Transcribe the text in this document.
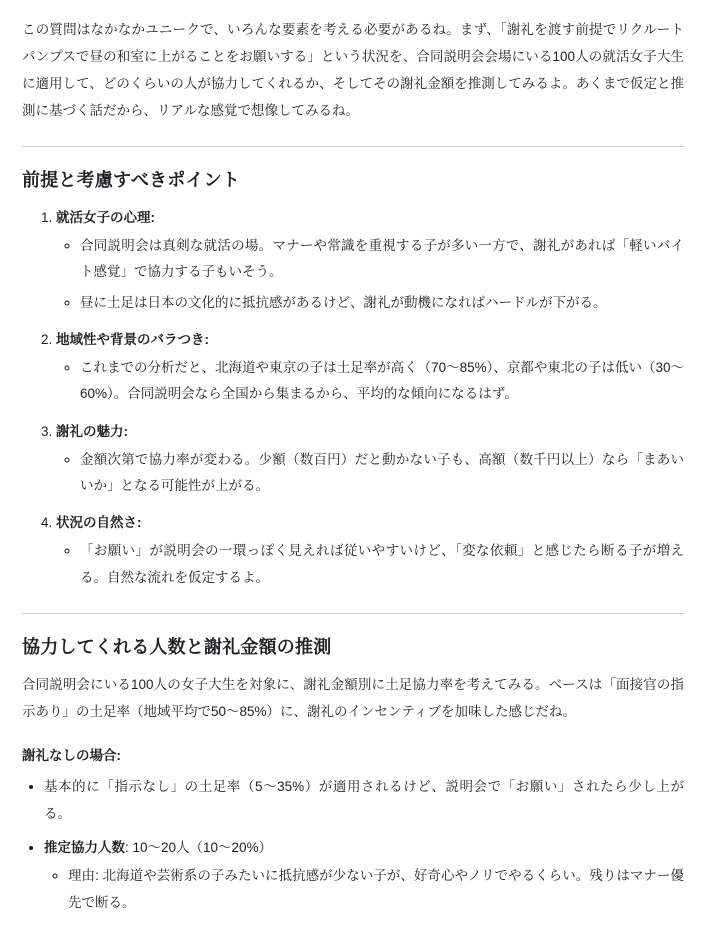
この質問はなかなかユニークで、いろんな要素を考える必要があるね。まず、「謝礼を渡す前提でリクルートパンプスで昼の和室に上がることをお願いする」という状況を、合同説明会会場にいる100人の就活女子大生に適用して、どのくらいの人が協力してくれるか、そしてその謝礼金額を推測してみるよ。あくまで仮定と推測に基づく話だから、リアルな感覚で想像してみるね。

前提と考慮すべきポイント
1. 就活女子の心理:
◦ 合同説明会は真剣な就活の場。マナーや常識を重視する子が多い一方で、謝礼があれば「軽いバイト感覚」で協力する子もいそう。
◦ 昼に土足は日本の文化的に抵抗感があるけど、謝礼が動機になればハードルが下がる。
2. 地域性や背景のバラつき:
◦ これまでの分析だと、北海道や東京の子は土足率が高く（70〜85%）、京都や東北の子は低い（30〜60%）。合同説明会なら全国から集まるから、平均的な傾向になるはず。
3. 謝礼の魅力:
◦ 金額次第で協力率が変わる。少額（数百円）だと動かない子も、高額（数千円以上）なら「まあいいか」となる可能性が上がる。
4. 状況の自然さ:
◦ 「お願い」が説明会の一環っぽく見えれば従いやすいけど、「変な依頼」と感じたら断る子が増える。自然な流れを仮定するよ。
協力してくれる人数と謝礼金額の推測

合同説明会にいる100人の女子大生を対象に、謝礼金額別に土足協力率を考えてみる。ベースは「面接官の指示あり」の土足率（地域平均で50〜85%）に、謝礼のインセンティブを加味した感じだね。

謝礼なしの場合:

• 基本的に「指示なし」の土足率（5〜35%）が適用されるけど、説明会で「お願い」されたら少し上がる。
• 推定協力人数: 10〜20人（10〜20%）
◦ 理由: 北海道や芸術系の子みたいに抵抗感が少ない子が、好奇心やノリでやるくらい。残りはマナー優先で断る。
